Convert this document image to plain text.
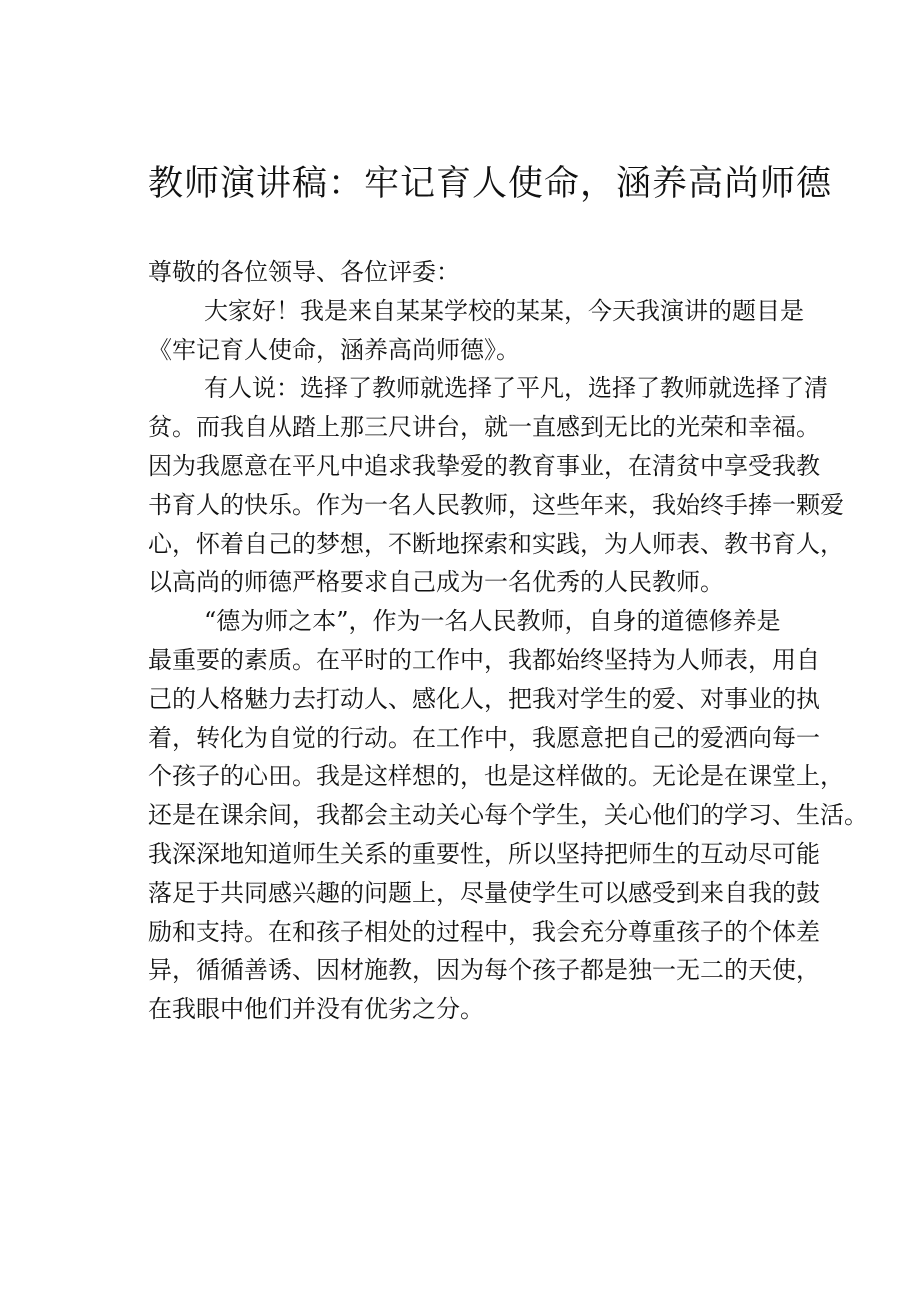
教师演讲稿：牢记育人使命，涵养高尚师德
尊敬的各位领导、各位评委：
大家好！我是来自某某学校的某某，今天我演讲的题目是
《牢记育人使命，涵养高尚师德》。
有人说：选择了教师就选择了平凡，选择了教师就选择了清
贫。而我自从踏上那三尺讲台，就一直感到无比的光荣和幸福。
因为我愿意在平凡中追求我挚爱的教育事业，在清贫中享受我教
书育人的快乐。作为一名人民教师，这些年来，我始终手捧一颗爱
心，怀着自己的梦想，不断地探索和实践，为人师表、教书育人，
以高尚的师德严格要求自己成为一名优秀的人民教师。
“德为师之本”，作为一名人民教师，自身的道德修养是
最重要的素质。在平时的工作中，我都始终坚持为人师表，用自
己的人格魅力去打动人、感化人，把我对学生的爱、对事业的执
着，转化为自觉的行动。在工作中，我愿意把自己的爱洒向每一
个孩子的心田。我是这样想的，也是这样做的。无论是在课堂上，
还是在课余间，我都会主动关心每个学生，关心他们的学习、生活。
我深深地知道师生关系的重要性，所以坚持把师生的互动尽可能
落足于共同感兴趣的问题上，尽量使学生可以感受到来自我的鼓
励和支持。在和孩子相处的过程中，我会充分尊重孩子的个体差
异，循循善诱、因材施教，因为每个孩子都是独一无二的天使，
在我眼中他们并没有优劣之分。
